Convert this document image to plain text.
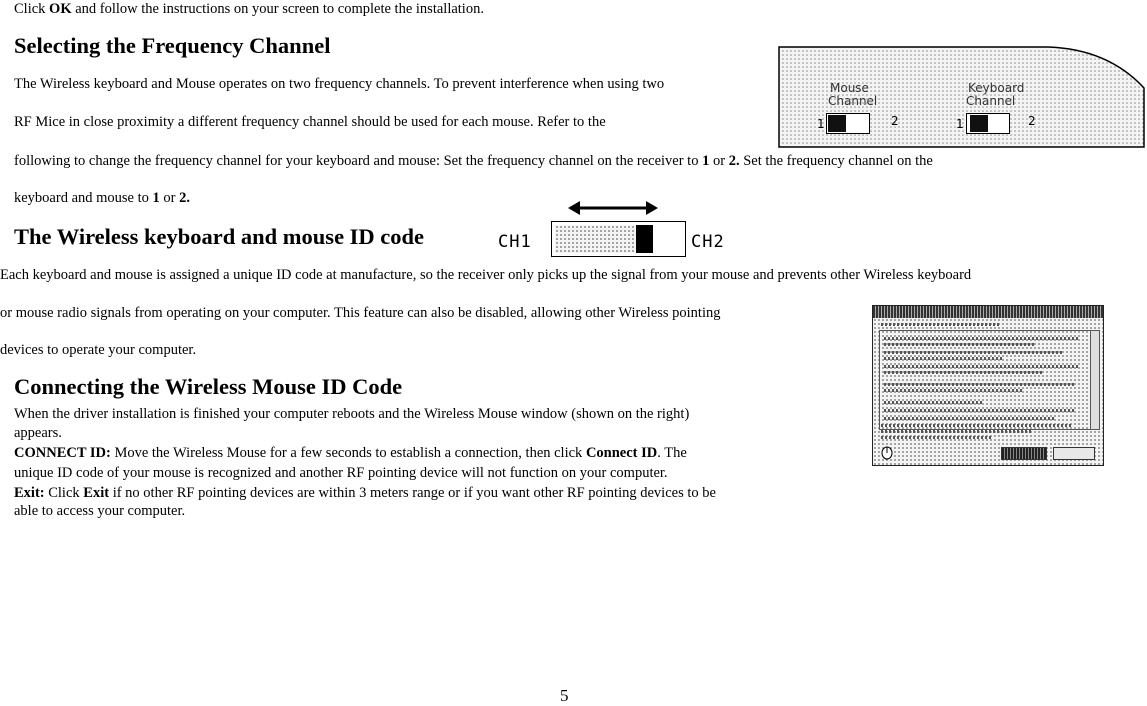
Click OK and follow the instructions on your screen to complete the installation.
Selecting the Frequency Channel
The Wireless keyboard and Mouse operates on two frequency channels. To prevent interference when using two
RF Mice in close proximity a different frequency channel should be used for each mouse. Refer to the
following to change the frequency channel for your keyboard and mouse: Set the frequency channel on the receiver to 1 or 2. Set the frequency channel on the
keyboard and mouse to 1 or 2.
Mouse
Channel
Keyboard
Channel
1	2	1	2
The Wireless keyboard and mouse ID code	CH1	CH2
Each keyboard and mouse is assigned a unique ID code at manufacture, so the receiver only picks up the signal from your mouse and prevents other Wireless keyboard
or mouse radio signals from operating on your computer. This feature can also be disabled, allowing other Wireless pointing
devices to operate your computer.
Connecting the Wireless Mouse ID Code
When the driver installation is finished your computer reboots and the Wireless Mouse window (shown on the right)
appears.
CONNECT ID: Move the Wireless Mouse for a few seconds to establish a connection, then click Connect ID. The
unique ID code of your mouse is recognized and another RF pointing device will not function on your computer.
Exit: Click Exit if no other RF pointing devices are within 3 meters range or if you want other RF pointing devices to be
able to access your computer.
5
